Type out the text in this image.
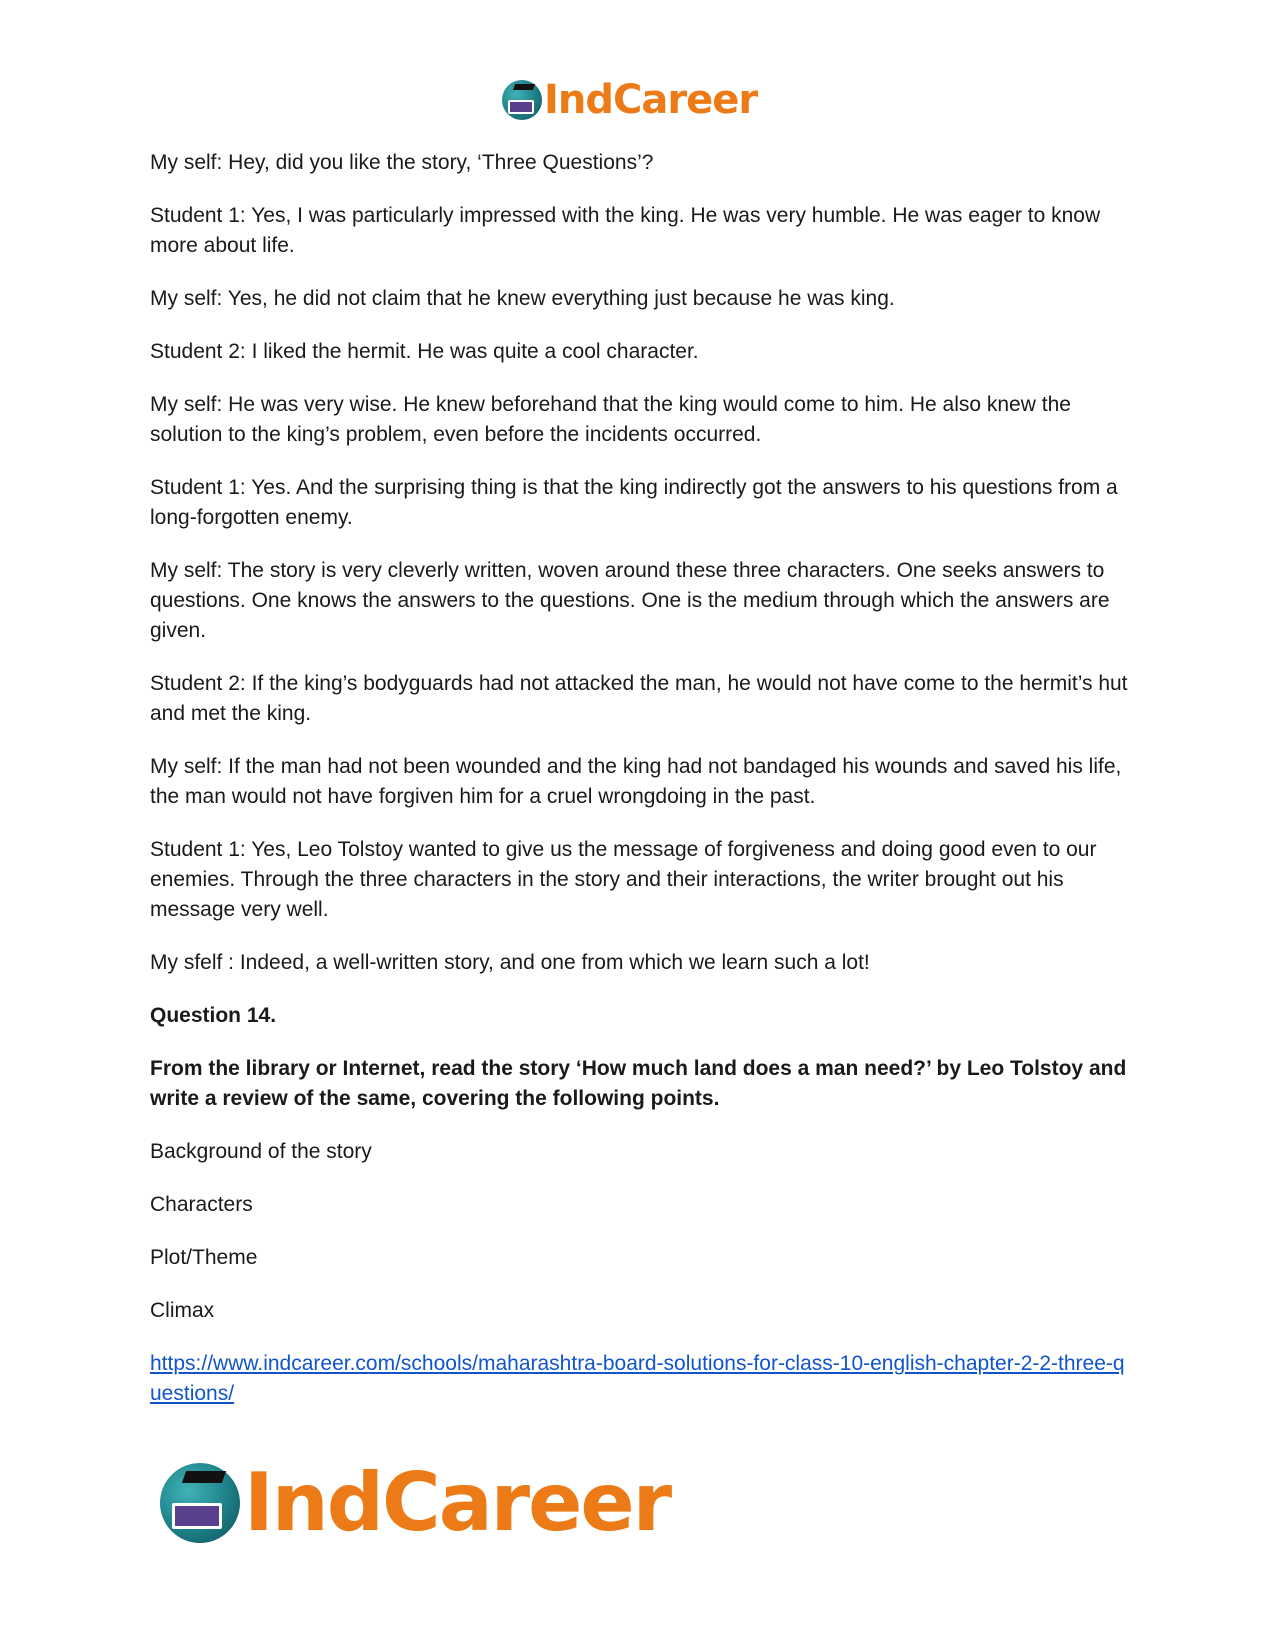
IndCareer

My self: Hey, did you like the story, ‘Three Questions’?

Student 1: Yes, I was particularly impressed with the king. He was very humble. He was eager to know more about life.

My self: Yes, he did not claim that he knew everything just because he was king.

Student 2: I liked the hermit. He was quite a cool character.

My self: He was very wise. He knew beforehand that the king would come to him. He also knew the solution to the king’s problem, even before the incidents occurred.

Student 1: Yes. And the surprising thing is that the king indirectly got the answers to his questions from a long-forgotten enemy.

My self: The story is very cleverly written, woven around these three characters. One seeks answers to questions. One knows the answers to the questions. One is the medium through which the answers are given.

Student 2: If the king’s bodyguards had not attacked the man, he would not have come to the hermit’s hut and met the king.

My self: If the man had not been wounded and the king had not bandaged his wounds and saved his life, the man would not have forgiven him for a cruel wrongdoing in the past.

Student 1: Yes, Leo Tolstoy wanted to give us the message of forgiveness and doing good even to our enemies. Through the three characters in the story and their interactions, the writer brought out his message very well.

My sfelf : Indeed, a well-written story, and one from which we learn such a lot!

Question 14.

From the library or Internet, read the story ‘How much land does a man need?’ by Leo Tolstoy and write a review of the same, covering the following points.

Background of the story

Characters

Plot/Theme

Climax

https://www.indcareer.com/schools/maharashtra-board-solutions-for-class-10-english-chapter-2-2-three-questions/
IndCareer
